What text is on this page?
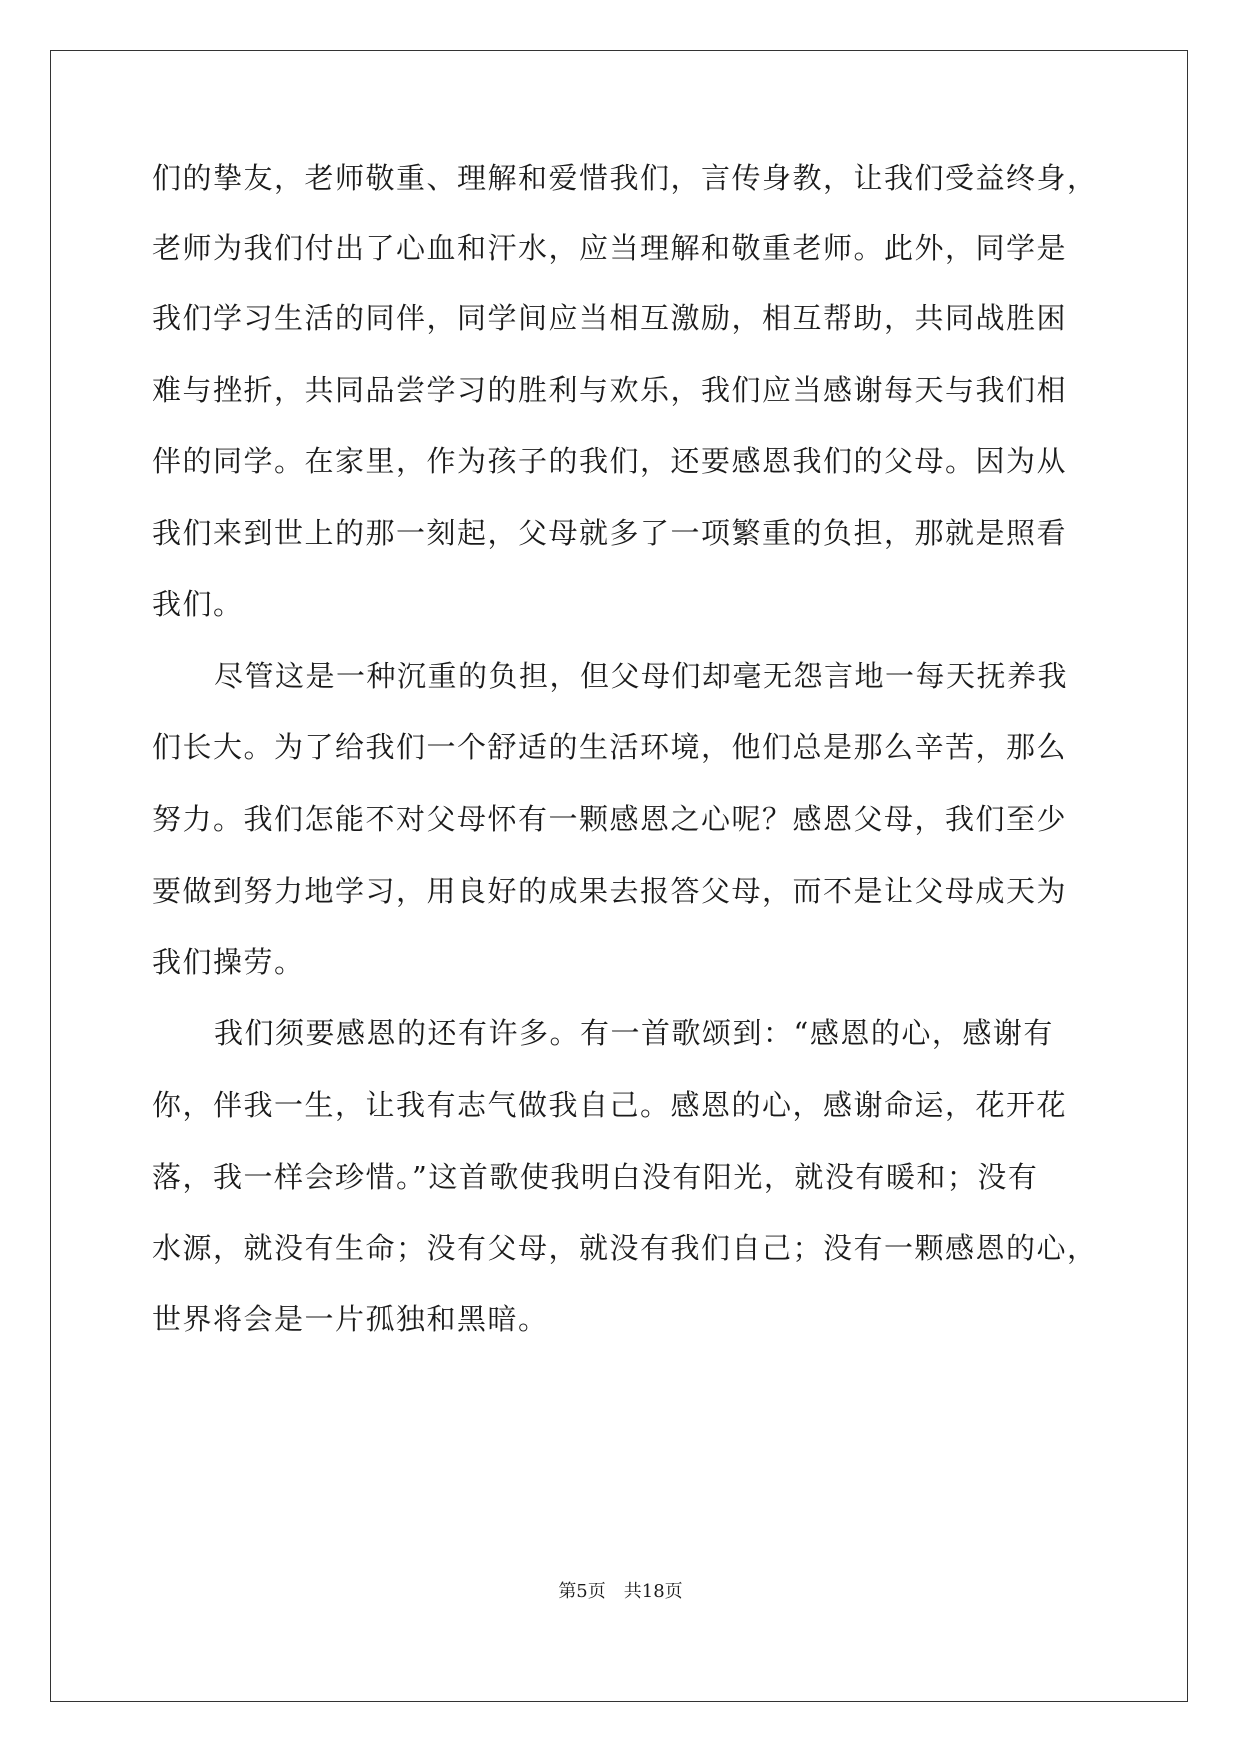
们的挚友，老师敬重、理解和爱惜我们，言传身教，让我们受益终身，
老师为我们付出了心血和汗水，应当理解和敬重老师。此外，同学是
我们学习生活的同伴，同学间应当相互激励，相互帮助，共同战胜困
难与挫折，共同品尝学习的胜利与欢乐，我们应当感谢每天与我们相
伴的同学。在家里，作为孩子的我们，还要感恩我们的父母。因为从
我们来到世上的那一刻起，父母就多了一项繁重的负担，那就是照看
我们。
尽管这是一种沉重的负担，但父母们却毫无怨言地一每天抚养我
们长大。为了给我们一个舒适的生活环境，他们总是那么辛苦，那么
努力。我们怎能不对父母怀有一颗感恩之心呢？感恩父母，我们至少
要做到努力地学习，用良好的成果去报答父母，而不是让父母成天为
我们操劳。
我们须要感恩的还有许多。有一首歌颂到：“感恩的心，感谢有
你，伴我一生，让我有志气做我自己。感恩的心，感谢命运，花开花
落，我一样会珍惜。”这首歌使我明白没有阳光，就没有暖和；没有
水源，就没有生命；没有父母，就没有我们自己；没有一颗感恩的心，
世界将会是一片孤独和黑暗。
第5页 共18页
